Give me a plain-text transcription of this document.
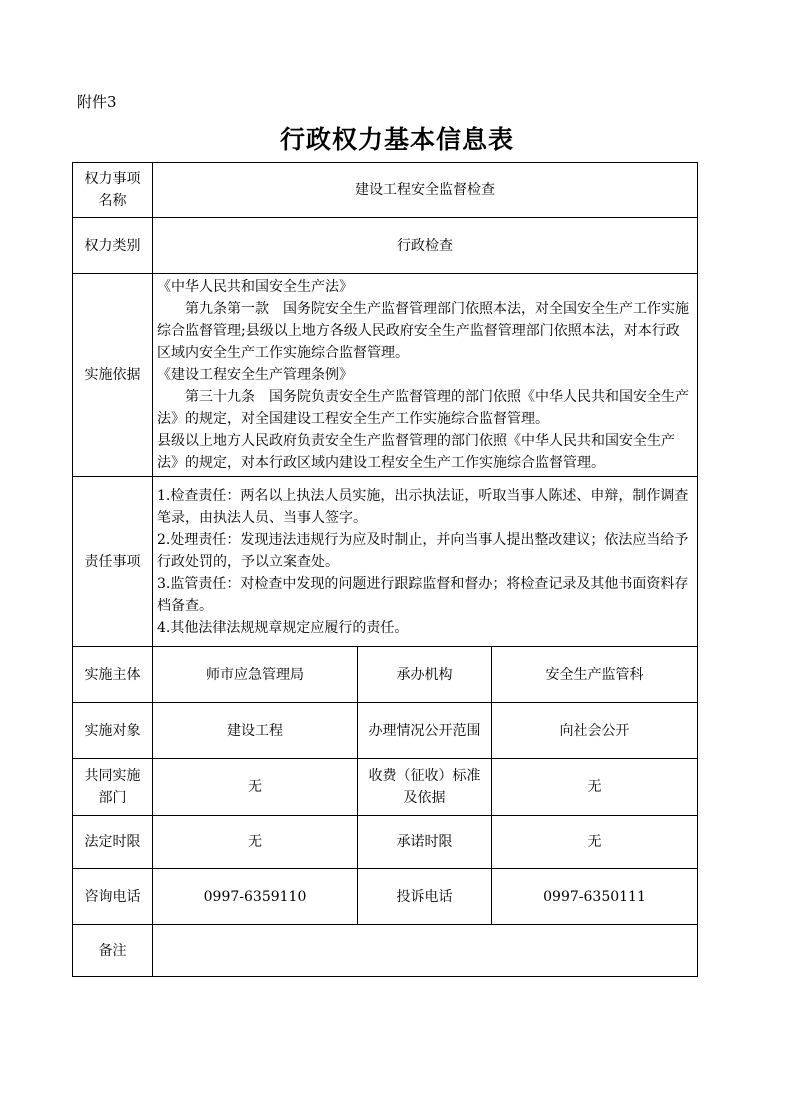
附件3
行政权力基本信息表
权力事项名称	建设工程安全监督检查		
权力类别	行政检查		
实施依据	《中华人民共和国安全生产法》

第九条第一款　国务院安全生产监督管理部门依照本法，对全国安全生产工作实施综合监督管理;县级以上地方各级人民政府安全生产监督管理部门依照本法，对本行政区域内安全生产工作实施综合监督管理。

《建设工程安全生产管理条例》

第三十九条　国务院负责安全生产监督管理的部门依照《中华人民共和国安全生产法》的规定，对全国建设工程安全生产工作实施综合监督管理。

县级以上地方人民政府负责安全生产监督管理的部门依照《中华人民共和国安全生产法》的规定，对本行政区域内建设工程安全生产工作实施综合监督管理。		

责任事项	1.检查责任：两名以上执法人员实施，出示执法证，听取当事人陈述、申辩，制作调查笔录，由执法人员、当事人签字。

2.处理责任：发现违法违规行为应及时制止，并向当事人提出整改建议；依法应当给予行政处罚的，予以立案查处。

3.监管责任：对检查中发现的问题进行跟踪监督和督办；将检查记录及其他书面资料存档备查。

4.其他法律法规规章规定应履行的责任。		

实施主体	师市应急管理局	承办机构	安全生产监管科
实施对象	建设工程	办理情况公开范围	向社会公开
共同实施部门	无	收费（征收）标准及依据	无
法定时限	无	承诺时限	无
咨询电话	0997-6359110	投诉电话	0997-6350111
备注			
